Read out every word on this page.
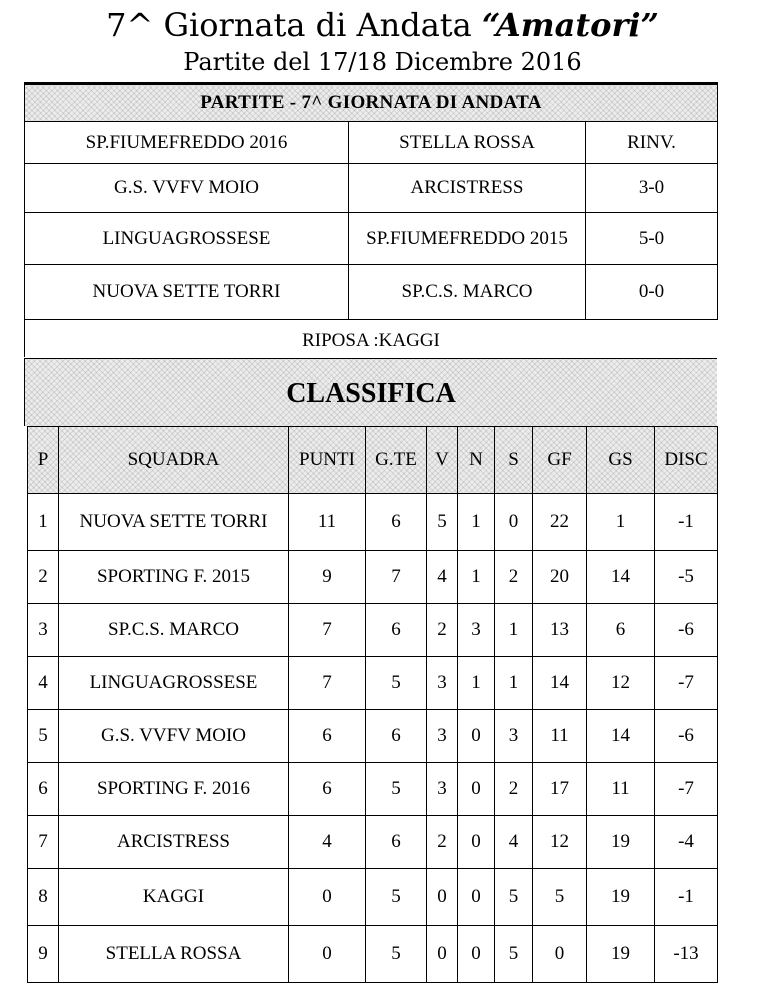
7^ Giornata di Andata “Amatori”
Partite del 17/18 Dicembre 2016
PARTITE - 7^ GIORNATA DI ANDATA		
SP.FIUMEFREDDO 2016	STELLA ROSSA	RINV.
G.S. VVFV MOIO	ARCISTRESS	3-0
LINGUAGROSSESE	SP.FIUMEFREDDO 2015	5-0
NUOVA SETTE TORRI	SP.C.S. MARCO	0-0
RIPOSA :KAGGI
CLASSIFICA
P	SQUADRA	PUNTI	G.TE	V	N	S	GF	GS	DISC
1	NUOVA SETTE TORRI	11	6	5	1	0	22	1	-1
2	SPORTING F. 2015	9	7	4	1	2	20	14	-5
3	SP.C.S. MARCO	7	6	2	3	1	13	6	-6
4	LINGUAGROSSESE	7	5	3	1	1	14	12	-7
5	G.S. VVFV MOIO	6	6	3	0	3	11	14	-6
6	SPORTING F. 2016	6	5	3	0	2	17	11	-7
7	ARCISTRESS	4	6	2	0	4	12	19	-4
8	KAGGI	0	5	0	0	5	5	19	-1
9	STELLA ROSSA	0	5	0	0	5	0	19	-13
